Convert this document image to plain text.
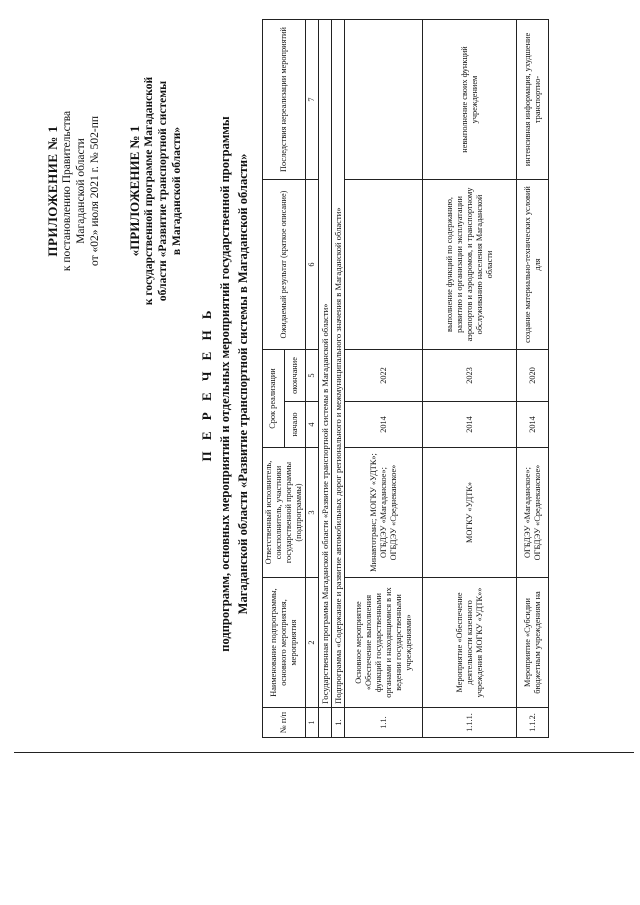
ПРИЛОЖЕНИЕ № 1 к постановлению Правительства Магаданской области от «02» июля 2021 г. № 502-пп «ПРИЛОЖЕНИЕ № 1 к государственной программе Магаданской области «Развитие транспортной системы в Магаданской области»
П Е Р Е Ч Е Н Ь подпрограмм, основных мероприятий и отдельных мероприятий государственной программы Магаданской области «Развитие транспортной системы в Магаданской области»
№ п/п	Наименование подпрограммы, основного мероприятия, мероприятия	Ответственный исполнитель, соисполнитель, участники государственной программы (подпрограммы)	Срок реализации		Ожидаемый результат (краткое описание)	Последствия нереализации мероприятий
			начало	окончание		
1	2	3	4	5	6	7
	Государственная программа Магаданской области «Развитие транспортной системы в Магаданской области»					
1.	Подпрограмма «Содержание и развитие автомобильных дорог регионального и межмуниципального значения в Магаданской области»					
1.1.	Основное мероприятие «Обеспечение выполнения функций государственными органами и находящимися в их ведении государственными учреждениями»	Минавтотранс; МОГКУ «УДТК»; ОГБДЭУ «Магаданское»; ОГБДЭУ «Среднеканское»	2014	2022		
1.1.1.	Мероприятие «Обеспечение деятельности казенного учреждения МОГКУ «УДТК»»	МОГКУ «УДТК»	2014	2023	выполнение функций по содержанию, развитию и организации эксплуатации аэропортов и аэродромов, и транспортному обслуживанию населения Магаданской области	невыполнение своих функций учреждением
1.1.2.	Мероприятие «Субсидии бюджетным учреждениям на	ОГБДЭУ «Магаданское»; ОГБДЭУ «Среднеканское»	2014	2020	создание материально-технических условий для	интенсивная информация, ухудшение транспортно-
